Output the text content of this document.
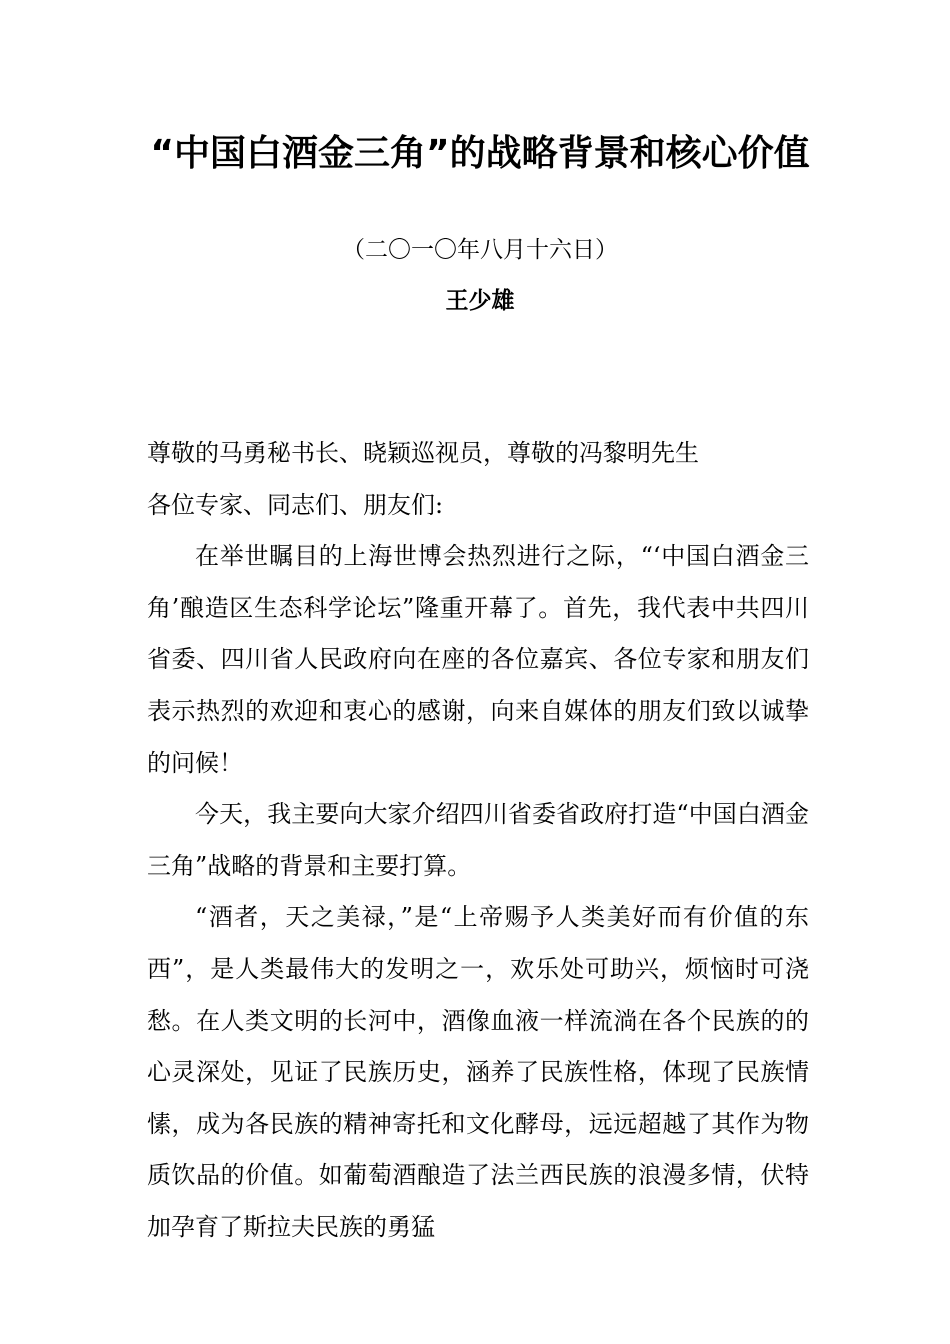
“中国白酒金三角”的战略背景和核心价值

（二〇一〇年八月十六日）

王少雄

尊敬的马勇秘书长、晓颖巡视员，尊敬的冯黎明先生

各位专家、同志们、朋友们:

在举世瞩目的上海世博会热烈进行之际，“‘中国白酒金三角’酿造区生态科学论坛”隆重开幕了。首先，我代表中共四川省委、四川省人民政府向在座的各位嘉宾、各位专家和朋友们表示热烈的欢迎和衷心的感谢，向来自媒体的朋友们致以诚挚的问候！

今天，我主要向大家介绍四川省委省政府打造“中国白酒金三角”战略的背景和主要打算。

“酒者，天之美禄，”是“上帝赐予人类美好而有价值的东西”，是人类最伟大的发明之一，欢乐处可助兴，烦恼时可浇愁。在人类文明的长河中，酒像血液一样流淌在各个民族的的心灵深处，见证了民族历史，涵养了民族性格，体现了民族情愫，成为各民族的精神寄托和文化酵母，远远超越了其作为物质饮品的价值。如葡萄酒酿造了法兰西民族的浪漫多情，伏特加孕育了斯拉夫民族的勇猛
